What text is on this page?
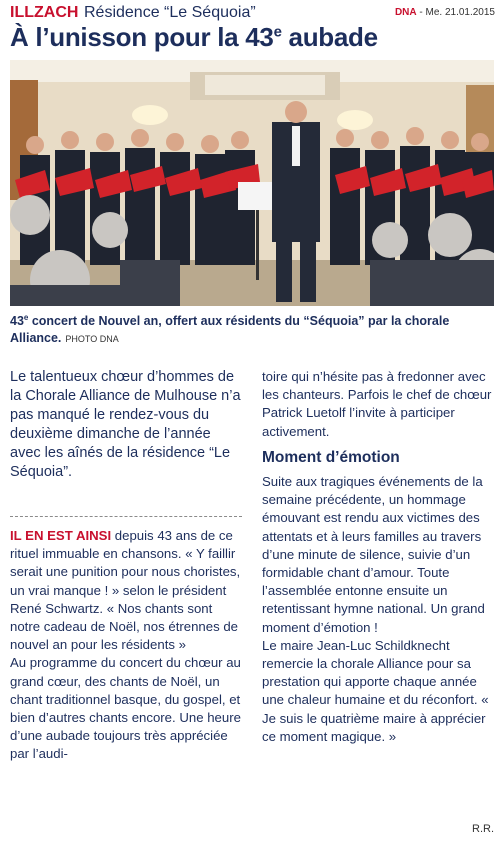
ILLZACH Résidence “Le Séquoia”	DNA - Me. 21.01.2015
À l’unisson pour la 43e aubade
43e concert de Nouvel an, offert aux résidents du “Séquoia” par la chorale Alliance. PHOTO DNA
Le talentueux chœur d’hommes de la Chorale Alliance de Mulhouse n’a pas manqué le rendez-vous du deuxième dimanche de l’année avec les aînés de la résidence “Le Séquoia”.
IL EN EST AINSI depuis 43 ans de ce rituel immuable en chansons. « Y faillir serait une punition pour nous choristes, un vrai manque ! » selon le président René Schwartz. « Nos chants sont notre cadeau de Noël, nos étrennes de nouvel an pour les résidents »
Au programme du concert du chœur au grand cœur, des chants de Noël, un chant traditionnel basque, du gospel, et bien d’autres chants encore. Une heure d’une aubade toujours très appréciée par l’audi-
toire qui n’hésite pas à fredonner avec les chanteurs. Parfois le chef de chœur Patrick Luetolf l’invite à participer activement.
Moment d’émotion
Suite aux tragiques événements de la semaine précédente, un hommage émouvant est rendu aux victimes des attentats et à leurs familles au travers d’une minute de silence, suivie d’un formidable chant d’amour. Toute l’assemblée entonne ensuite un retentissant hymne national. Un grand moment d’émotion !
Le maire Jean-Luc Schildknecht remercie la chorale Alliance pour sa prestation qui apporte chaque année une chaleur humaine et du réconfort. « Je suis le quatrième maire à apprécier ce moment magique. »
R.R.
